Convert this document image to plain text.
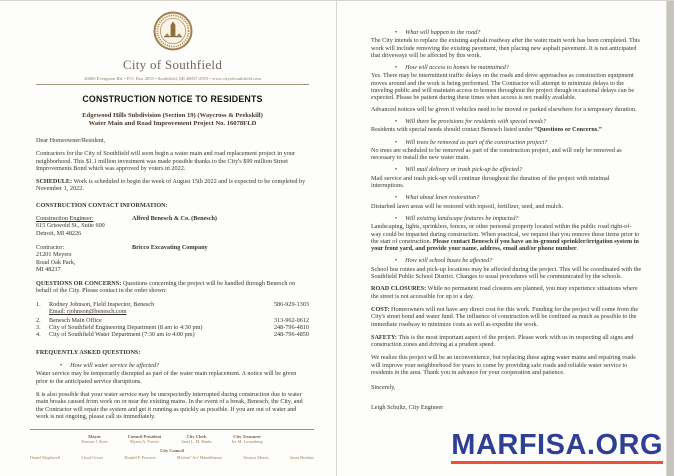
City of Southfield
26000 Evergreen Rd. • P.O. Box 2055 • Southfield, MI 48037-2055 • www.cityofsouthfield.com
CONSTRUCTION NOTICE TO RESIDENTS
Edgewood Hills Subdivision (Section 19) (Waycross & Peekskill)
Water Main and Road Improvement Project No. 16078FLD

Dear Homeowner/Resident,

Contractors for the City of Southfield will soon begin a water main and road replacement project in your neighborhood. This $1.1 million investment was made possible thanks to the City's $99 million Street Improvements Bond which was approved by voters in 2022.

SCHEDULE: Work is scheduled to begin the week of August 15th 2022 and is expected to be completed by November 1, 2022.

CONSTRUCTION CONTACT INFORMATION:

Construction Engineer:
615 Griswold St., Suite 600
Detroit, MI 48226
Alfred Benesch & Co. (Benesch)
Contractor:
21201 Meyers
Road Oak Park,
MI 48237
Bricco Excavating Company

QUESTIONS OR CONCERNS: Questions concerning the project will be handled through Benesch on behalf of the City. Please contact in the order shown:

1.	Rodney Johnson, Field Inspector, Benesch	586-929-1303
Email: rjohnson@benesch.com
2.	Benesch Main Office	313-962-0612
3.	City of Southfield Engineering Department (8 am to 4:30 pm)	248-796-4810
4.	City of Southfield Water Department (7:30 am to 4:00 pm)	248-796-4850

FREQUENTLY ASKED QUESTIONS:

• How will water service be affected?

Water service may be temporarily disrupted as part of the water main replacement. A notice will be given prior to the anticipated service disruptions.

It is also possible that your water service may be unexpectedly interrupted during construction due to water main breaks caused from work on or near the existing mains. In the event of a break, Benesch, the City, and the Contractor will repair the system and get it running as quickly as possible. If you are out of water and work is not ongoing, please call us immediately.

Mayor
Kenson J. Siver
Council President
Myron A. Frasier
City Clerk
Janet L. M. Banks
City Treasurer
Irv M. Lowenberg
City Council
Daniel Brightwell	Lloyd Crews	Donald F. Fracassi	Michael 'Ari' Mandelbaum	Tawnya Morris	Jason Hoskins
• What will happen to the road?

The City intends to replace the existing asphalt roadway after the water main work has been completed. This work will include removing the existing pavement, then placing new asphalt pavement. It is not anticipated that driveways will be affected by this work.

• How will access to homes be maintained?

Yes. There may be intermittent traffic delays on the roads and drive approaches as construction equipment moves around and the work is being performed. The Contractor will attempt to minimize delays to the traveling public and will maintain access to homes throughout the project though occasional delays can be expected. Please be patient during these times when access is not readily available.

Advanced notices will be given if vehicles need to be moved or parked elsewhere for a temporary duration.

• Will there be provisions for residents with special needs?

Residents with special needs should contact Benesch listed under “Questions or Concerns.”

• Will trees be removed as part of the construction project?

No trees are scheduled to be removed as part of the construction project, and will only be removed as necessary to install the new water main.

• Will mail delivery or trash pick-up be affected?

Mail service and trash pick-up will continue throughout the duration of the project with minimal interruptions.

• What about lawn restoration?

Disturbed lawn areas will be restored with topsoil, fertilizer, seed, and mulch.

• Will existing landscape features be impacted?

Landscaping, lights, sprinklers, fences, or other personal property located within the public road right-of- way could be impacted during construction. When practical, we request that you remove these items prior to the start of construction. Please contact Benesch if you have an in-ground sprinkler/irrigation system in your front yard, and provide your name, address, email and/or phone number.

• How will school buses be affected?

School bus routes and pick-up locations may be affected during the project. This will be coordinated with the Southfield Public School District. Changes to usual procedures will be communicated by the schools.

ROAD CLOSURES: While no permanent road closures are planned, you may experience situations where the street is not accessible for up to a day.

COST: Homeowners will not have any direct cost for this work. Funding for the project will come from the City's street bond and water fund. The influence of construction will be confined as much as possible to the immediate roadway to minimize costs as well as expedite the work.

SAFETY: This is the most important aspect of the project. Please work with us in respecting all signs and construction zones and driving at a prudent speed.

We realize this project will be an inconvenience, but replacing these aging water mains and repairing roads will improve your neighborhood for years to come by providing safe roads and reliable water service to residents in the area. Thank you in advance for your cooperation and patience.

Sincerely,

Leigh Schultz, City Engineer

MARFISA.ORG
